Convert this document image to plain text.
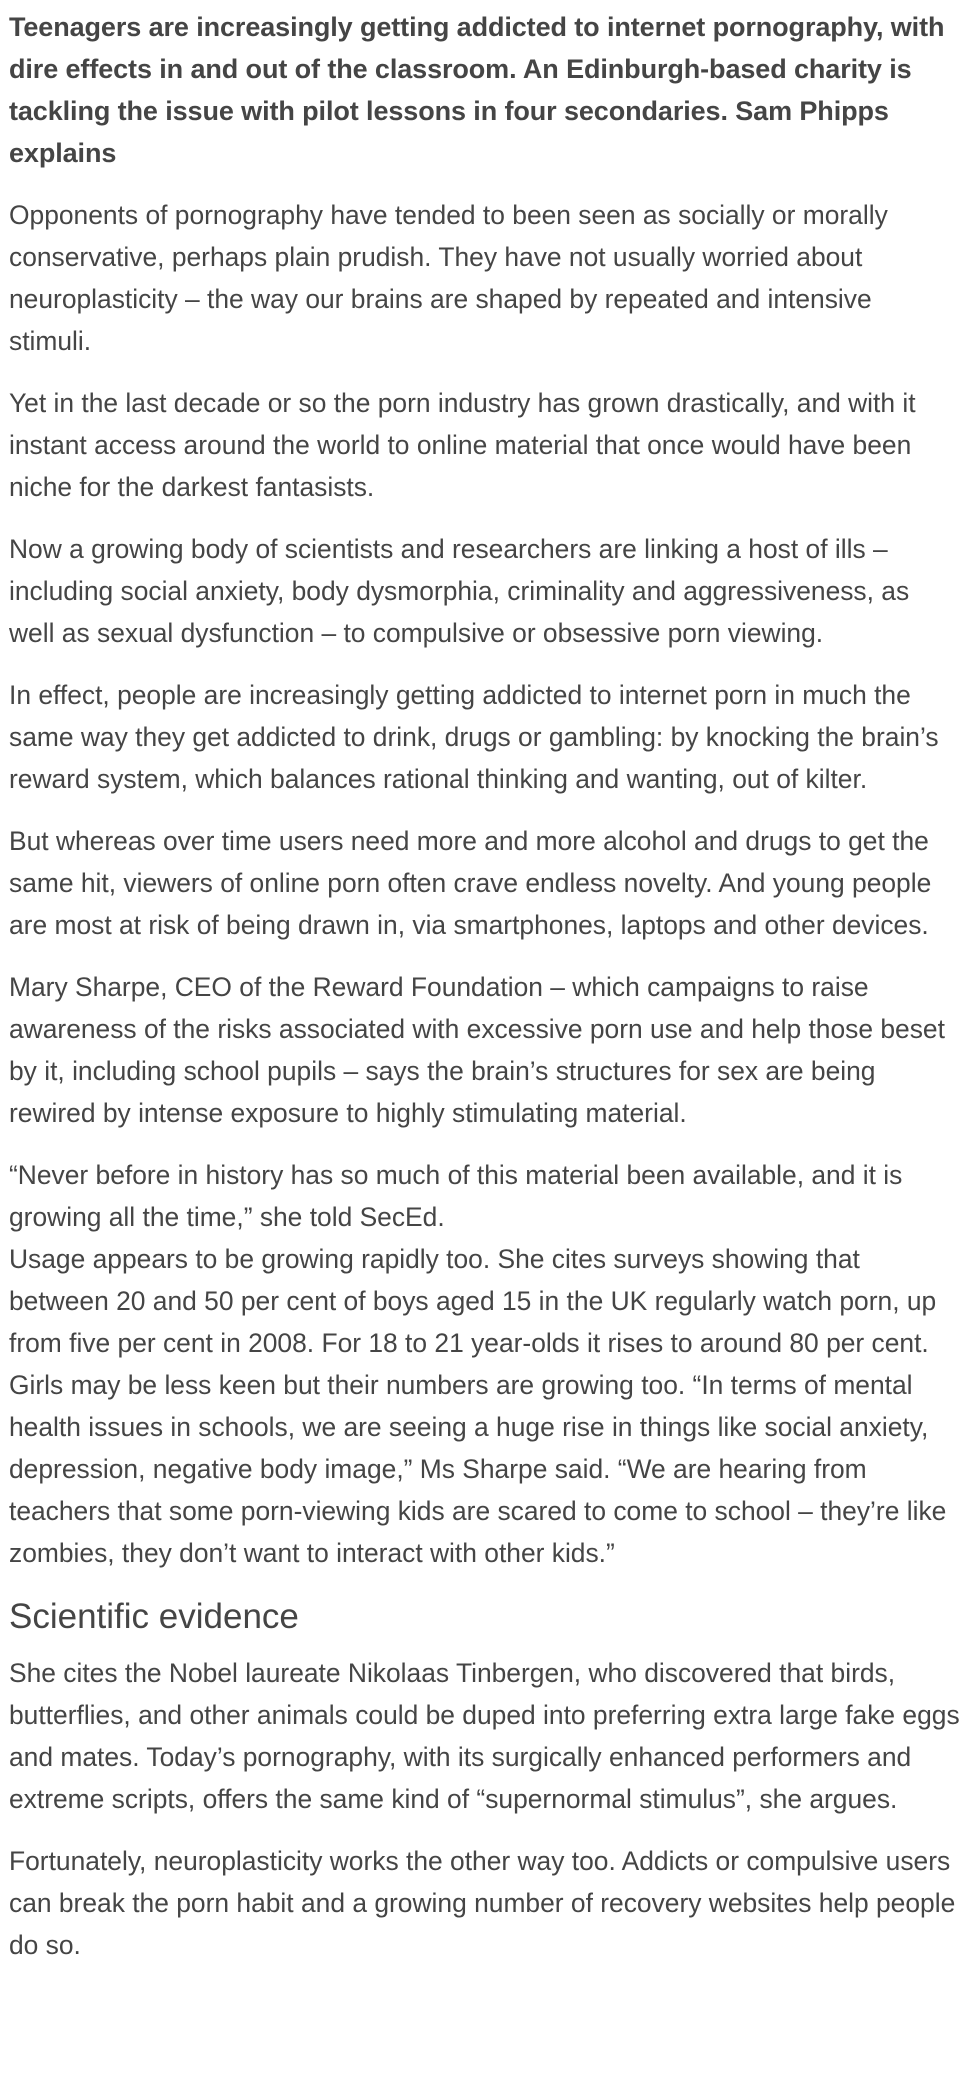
Teenagers are increasingly getting addicted to internet pornography, with dire effects in and out of the classroom. An Edinburgh-based charity is tackling the issue with pilot lessons in four secondaries. Sam Phipps explains

Opponents of pornography have tended to been seen as socially or morally conservative, perhaps plain prudish. They have not usually worried about neuroplasticity – the way our brains are shaped by repeated and intensive stimuli.

Yet in the last decade or so the porn industry has grown drastically, and with it instant access around the world to online material that once would have been niche for the darkest fantasists.

Now a growing body of scientists and researchers are linking a host of ills – including social anxiety, body dysmorphia, criminality and aggressiveness, as well as sexual dysfunction – to compulsive or obsessive porn viewing.

In effect, people are increasingly getting addicted to internet porn in much the same way they get addicted to drink, drugs or gambling: by knocking the brain’s reward system, which balances rational thinking and wanting, out of kilter.

But whereas over time users need more and more alcohol and drugs to get the same hit, viewers of online porn often crave endless novelty. And young people are most at risk of being drawn in, via smartphones, laptops and other devices.

Mary Sharpe, CEO of the Reward Foundation – which campaigns to raise awareness of the risks associated with excessive porn use and help those beset by it, including school pupils – says the brain’s structures for sex are being rewired by intense exposure to highly stimulating material.

“Never before in history has so much of this material been available, and it is growing all the time,” she told SecEd.

Usage appears to be growing rapidly too. She cites surveys showing that between 20 and 50 per cent of boys aged 15 in the UK regularly watch porn, up from five per cent in 2008. For 18 to 21 year-olds it rises to around 80 per cent. Girls may be less keen but their numbers are growing too. “In terms of mental health issues in schools, we are seeing a huge rise in things like social anxiety, depression, negative body image,” Ms Sharpe said. “We are hearing from teachers that some porn-viewing kids are scared to come to school – they’re like zombies, they don’t want to interact with other kids.”

Scientific evidence

She cites the Nobel laureate Nikolaas Tinbergen, who discovered that birds, butterflies, and other animals could be duped into preferring extra large fake eggs and mates. Today’s pornography, with its surgically enhanced performers and extreme scripts, offers the same kind of “supernormal stimulus”, she argues.

Fortunately, neuroplasticity works the other way too. Addicts or compulsive users can break the porn habit and a growing number of recovery websites help people do so.
